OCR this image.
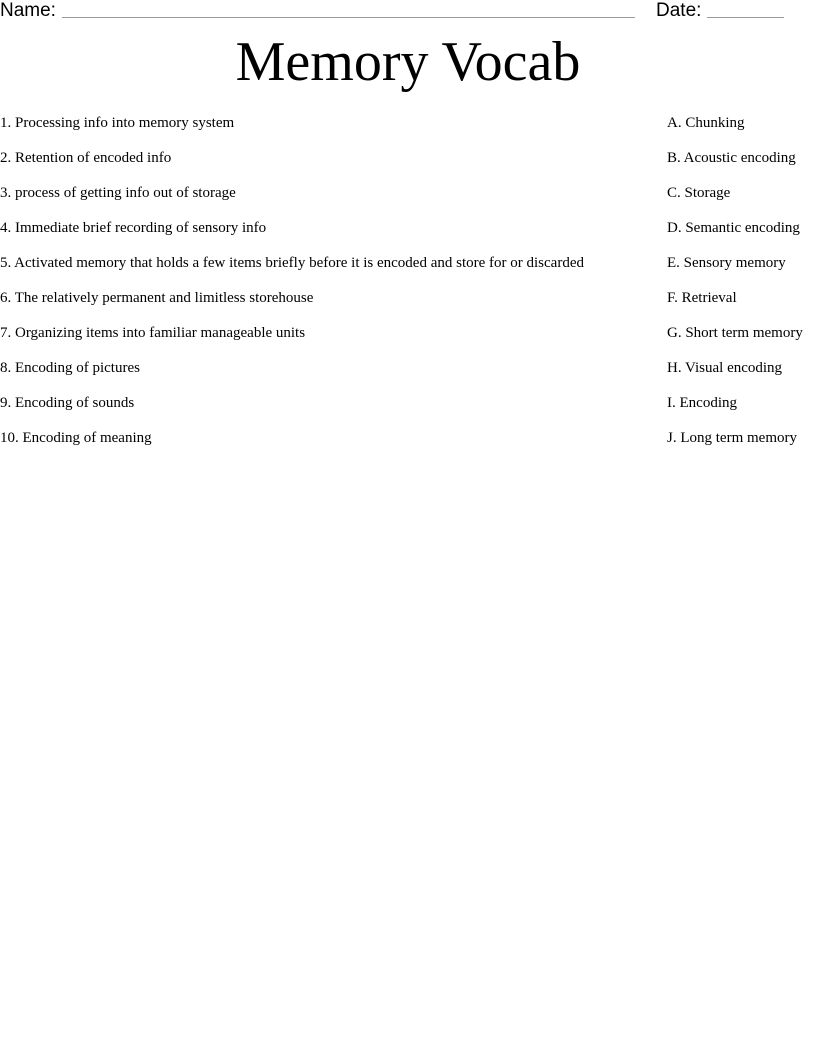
Name:	Date:
Memory Vocab
1. Processing info into memory system
2. Retention of encoded info
3. process of getting info out of storage
4. Immediate brief recording of sensory info
5. Activated memory that holds a few items briefly before it is encoded and store for or discarded
6. The relatively permanent and limitless storehouse
7. Organizing items into familiar manageable units
8. Encoding of pictures
9. Encoding of sounds
10. Encoding of meaning
A. Chunking
B. Acoustic encoding
C. Storage
D. Semantic encoding
E. Sensory memory
F. Retrieval
G. Short term memory
H. Visual encoding
I. Encoding
J. Long term memory
